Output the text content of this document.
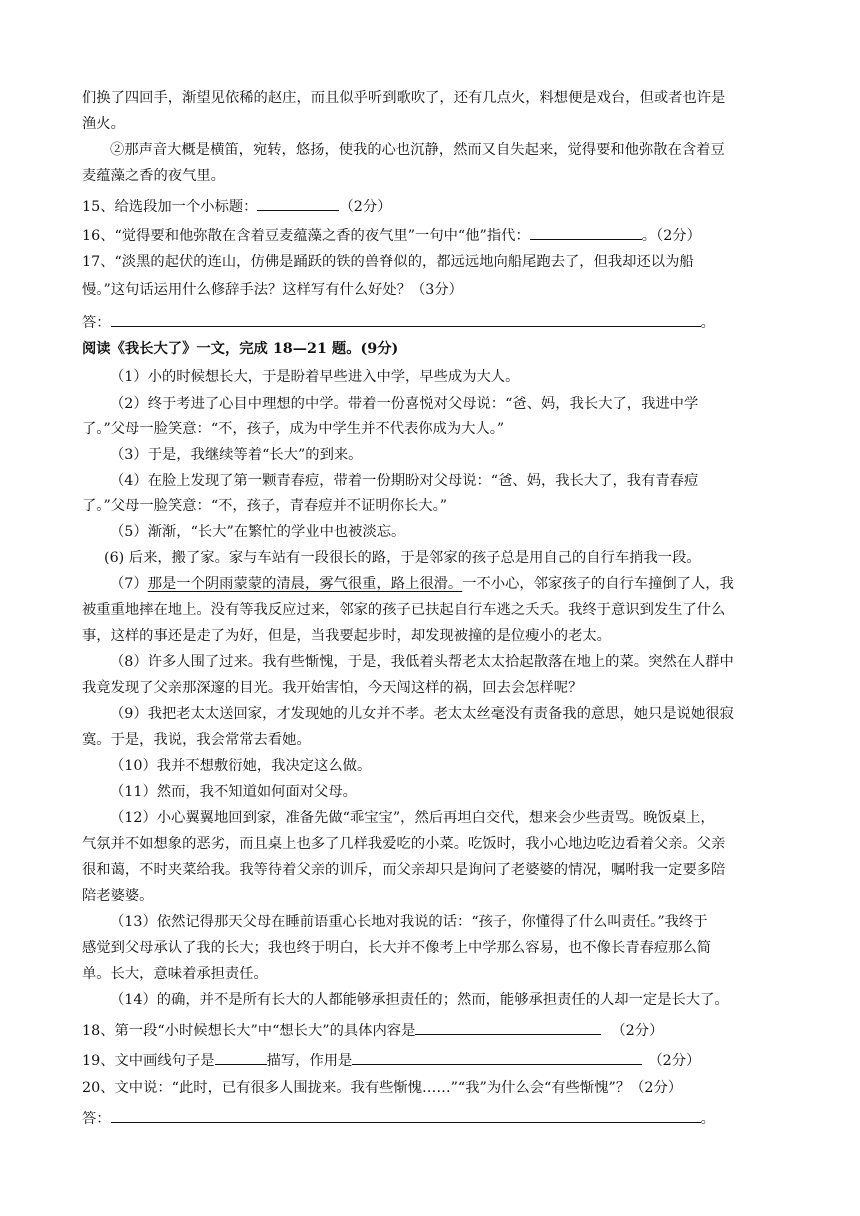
们换了四回手，渐望见依稀的赵庄，而且似乎听到歌吹了，还有几点火，料想便是戏台，但或者也许是
渔火。
②那声音大概是横笛，宛转，悠扬，使我的心也沉静，然而又自失起来，觉得要和他弥散在含着豆
麦蕴藻之香的夜气里。
15、给选段加一个小标题：	（2分）
16、“觉得要和他弥散在含着豆麦蕴藻之香的夜气里”一句中“他”指代：	。（2分）
17、“淡黑的起伏的连山，仿佛是踊跃的铁的兽脊似的，都远远地向船尾跑去了，但我却还以为船
慢。”这句话运用什么修辞手法？这样写有什么好处？（3分）
答：	。
阅读《我长大了》一文，完成 18—21 题。(9分)
（1）小的时候想长大，于是盼着早些进入中学，早些成为大人。
（2）终于考进了心目中理想的中学。带着一份喜悦对父母说：“爸、妈，我长大了，我进中学
了。”父母一脸笑意：“不，孩子，成为中学生并不代表你成为大人。”
（3）于是，我继续等着“长大”的到来。
（4）在脸上发现了第一颗青春痘，带着一份期盼对父母说：“爸、妈，我长大了，我有青春痘
了。”父母一脸笑意：“不，孩子，青春痘并不证明你长大。”
（5）渐渐，“长大”在繁忙的学业中也被淡忘。
(6) 后来，搬了家。家与车站有一段很长的路，于是邻家的孩子总是用自己的自行车捎我一段。
（7）那是一个阴雨蒙蒙的清晨，雾气很重，路上很滑。一不小心，邻家孩子的自行车撞倒了人，我
被重重地摔在地上。没有等我反应过来，邻家的孩子已扶起自行车逃之夭夭。我终于意识到发生了什么
事，这样的事还是走了为好，但是，当我要起步时，却发现被撞的是位瘦小的老太。
（8）许多人围了过来。我有些惭愧，于是，我低着头帮老太太拾起散落在地上的菜。突然在人群中
我竟发现了父亲那深邃的目光。我开始害怕，今天闯这样的祸，回去会怎样呢？
（9）我把老太太送回家，才发现她的儿女并不孝。老太太丝毫没有责备我的意思，她只是说她很寂
寞。于是，我说，我会常常去看她。
（10）我并不想敷衍她，我决定这么做。
（11）然而，我不知道如何面对父母。
（12）小心翼翼地回到家，准备先做“乖宝宝”，然后再坦白交代，想来会少些责骂。晚饭桌上，
气氛并不如想象的恶劣，而且桌上也多了几样我爱吃的小菜。吃饭时，我小心地边吃边看着父亲。父亲
很和蔼，不时夹菜给我。我等待着父亲的训斥，而父亲却只是询问了老婆婆的情况，嘱咐我一定要多陪
陪老婆婆。
（13）依然记得那天父母在睡前语重心长地对我说的话：“孩子，你懂得了什么叫责任。”我终于
感觉到父母承认了我的长大；我也终于明白，长大并不像考上中学那么容易，也不像长青春痘那么简
单。长大，意味着承担责任。
（14）的确，并不是所有长大的人都能够承担责任的；然而，能够承担责任的人却一定是长大了。
18、第一段“小时候想长大”中“想长大”的具体内容是	（2分）
19、文中画线句子是	描写，作用是	（2分）
20、文中说：“此时，已有很多人围拢来。我有些惭愧……”“我”为什么会“有些惭愧”？（2分）
答：	。
